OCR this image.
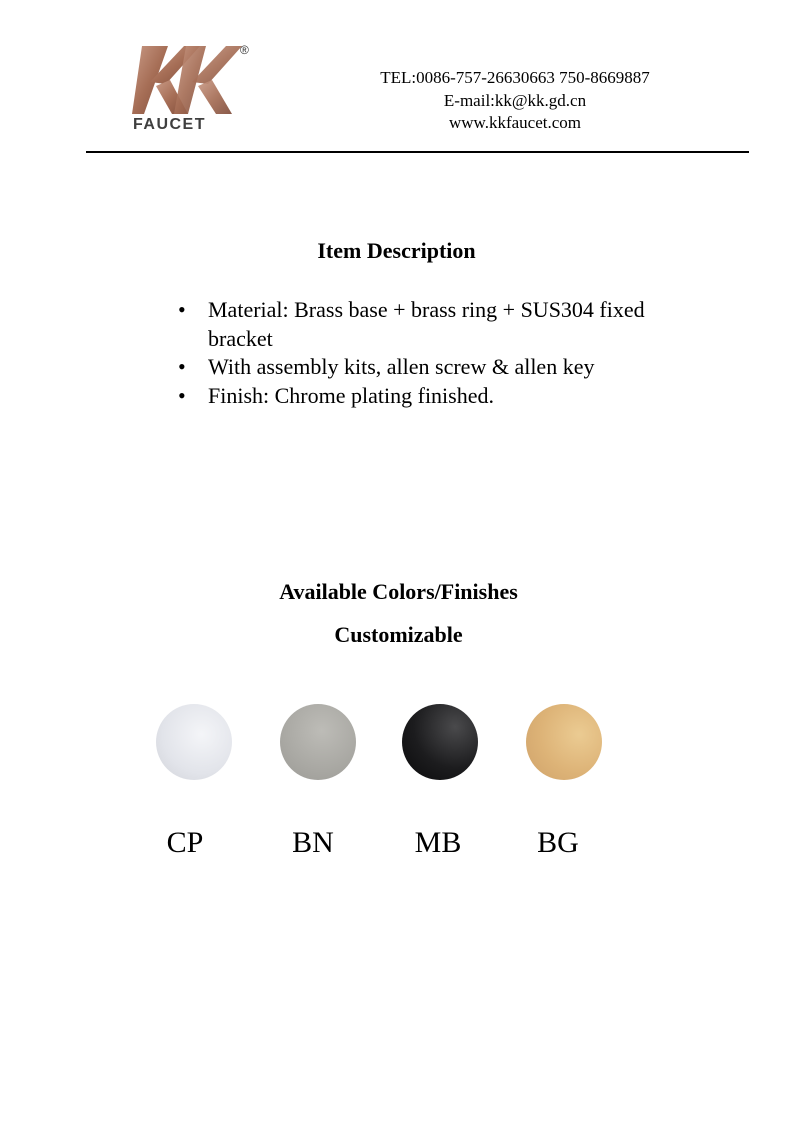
FAUCET
®
TEL:0086-757-26630663 750-8669887
E-mail:kk@kk.gd.cn
www.kkfaucet.com
Item Description
• Material: Brass base + brass ring + SUS304 fixed bracket
• With assembly kits, allen screw & allen key
• Finish: Chrome plating finished.
Available Colors/Finishes
Customizable
CP	BN	MB	BG
